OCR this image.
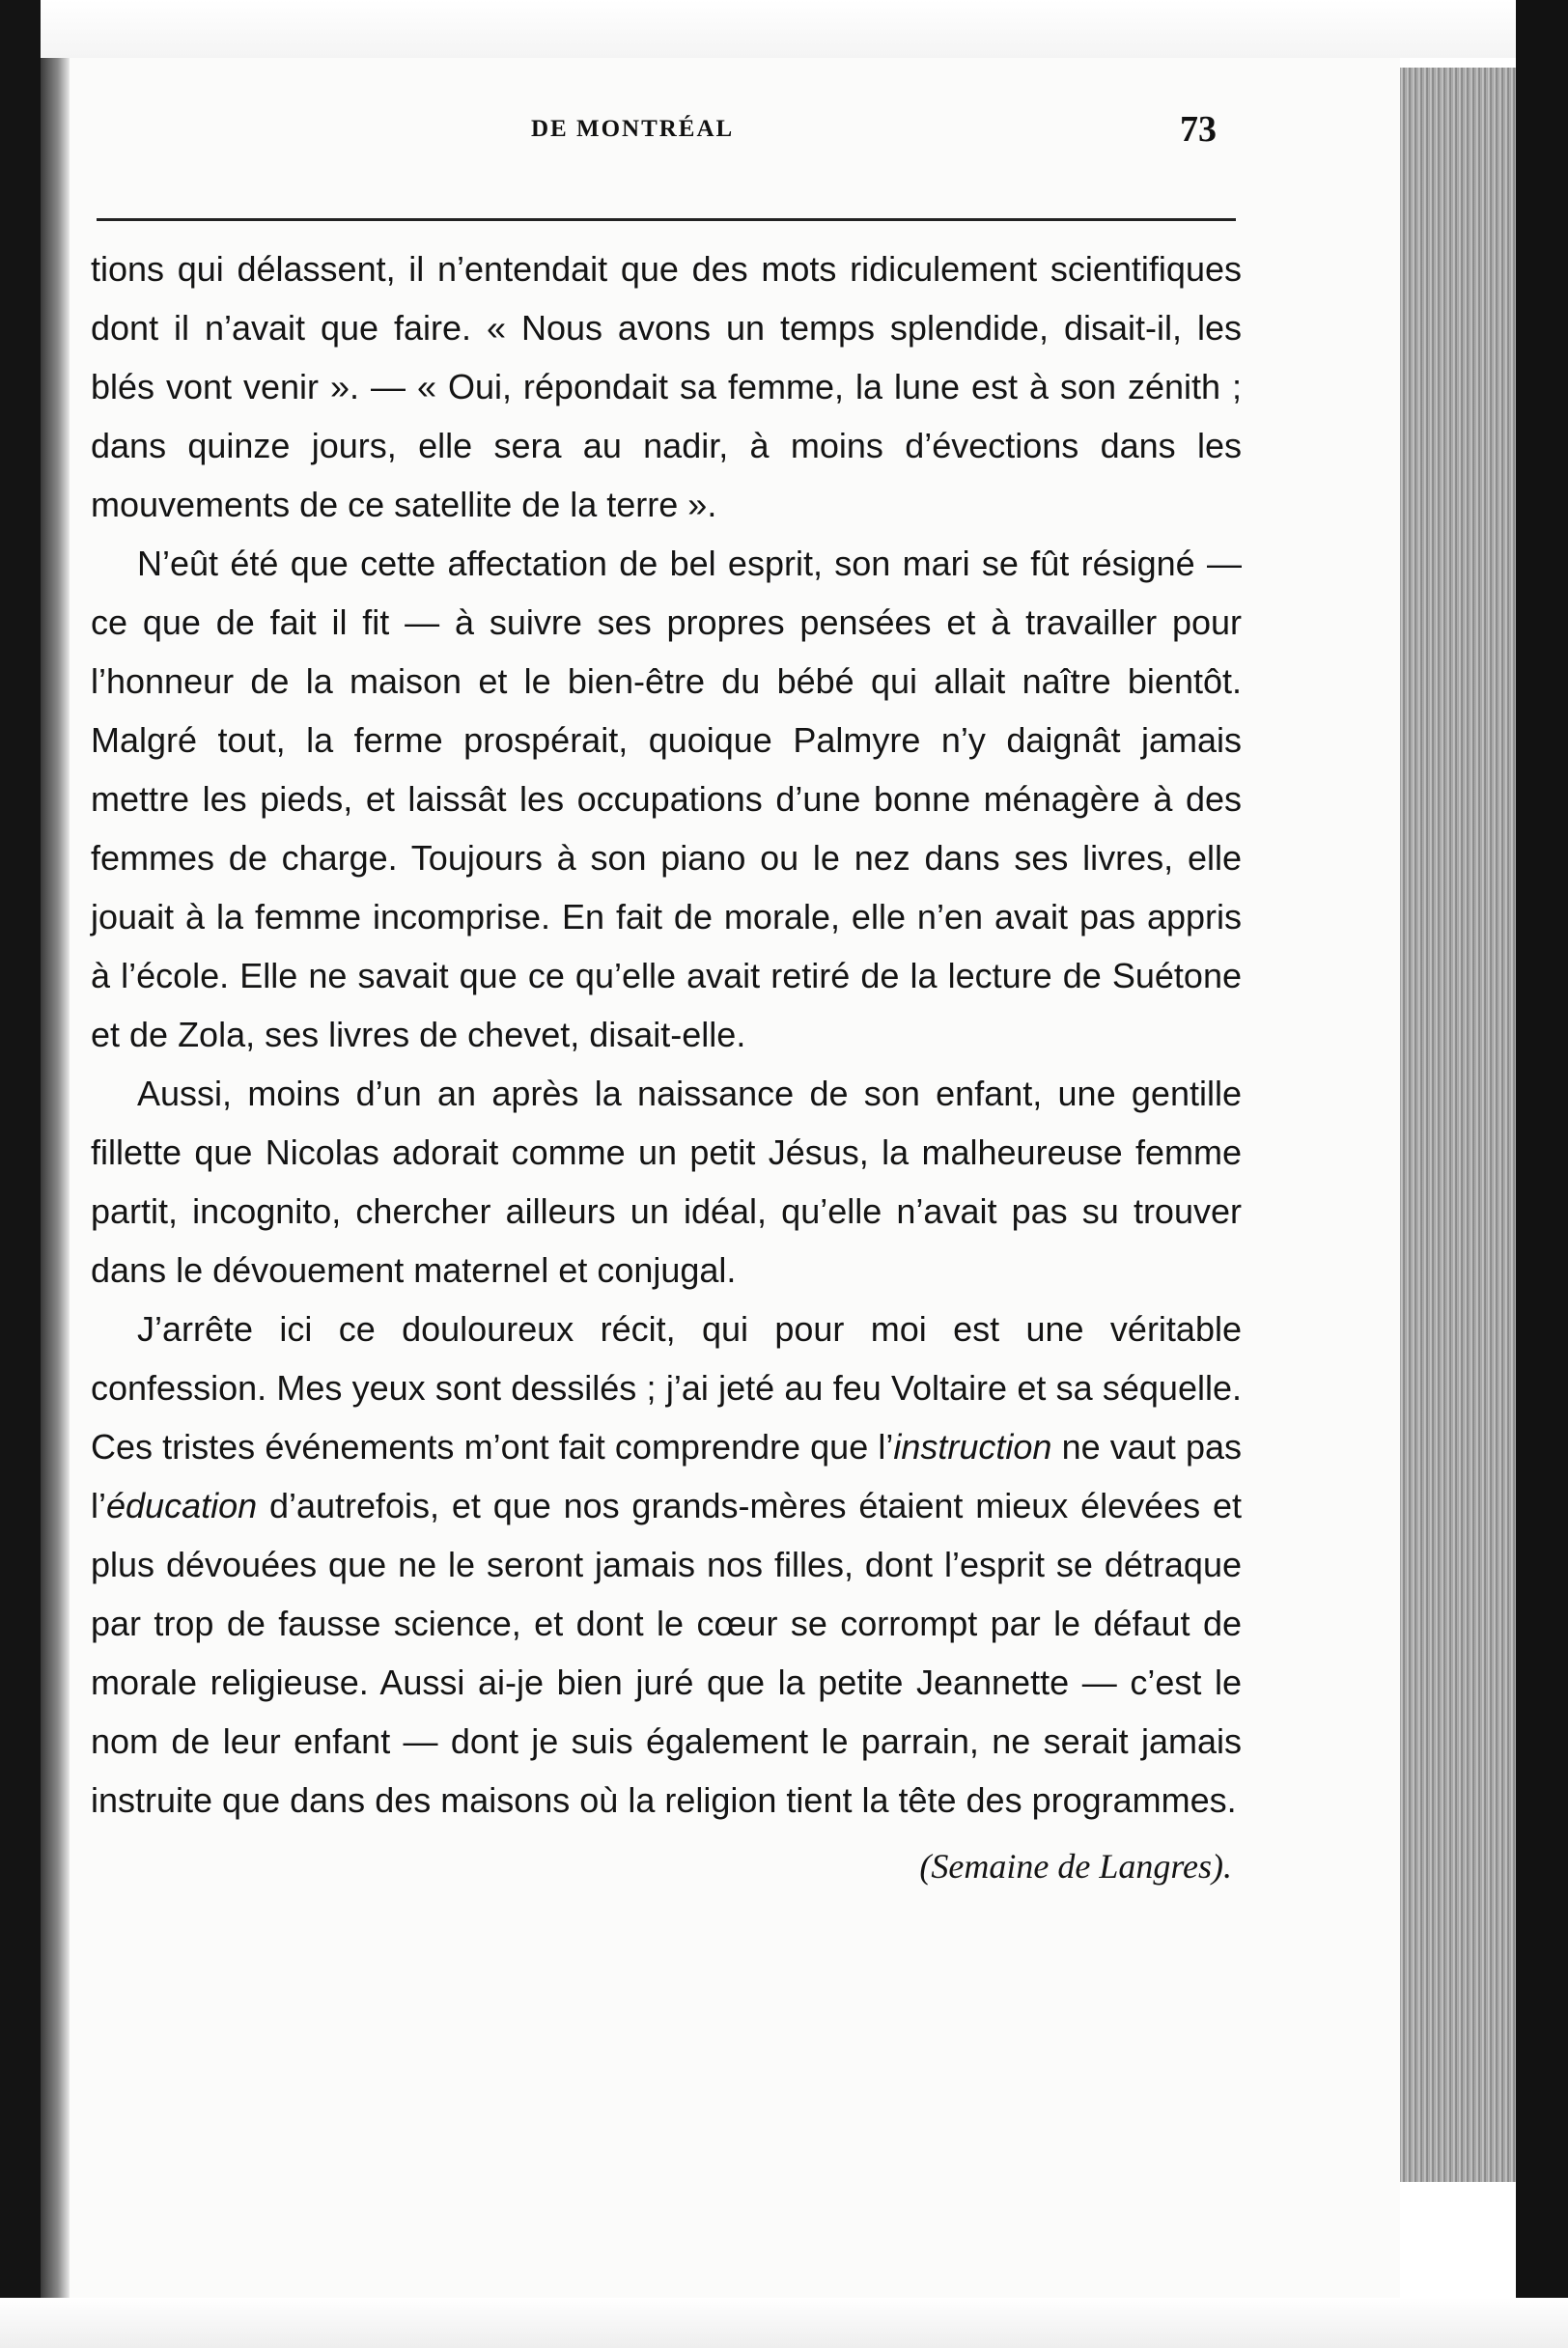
DE MONTRÉAL	73

tions qui délassent, il n’entendait que des mots ridiculement scientifiques dont il n’avait que faire. « Nous avons un temps splendide, disait-il, les blés vont venir ». — « Oui, répondait sa femme, la lune est à son zénith ; dans quinze jours, elle sera au nadir, à moins d’évections dans les mouvements de ce satellite de la terre ».

N’eût été que cette affectation de bel esprit, son mari se fût résigné — ce que de fait il fit — à suivre ses propres pensées et à travailler pour l’honneur de la maison et le bien-être du bébé qui allait naître bientôt. Malgré tout, la ferme prospérait, quoique Palmyre n’y daignât jamais mettre les pieds, et laissât les occupations d’une bonne ménagère à des femmes de charge. Toujours à son piano ou le nez dans ses livres, elle jouait à la femme incomprise. En fait de morale, elle n’en avait pas appris à l’école. Elle ne savait que ce qu’elle avait retiré de la lecture de Suétone et de Zola, ses livres de chevet, disait-elle.

Aussi, moins d’un an après la naissance de son enfant, une gentille fillette que Nicolas adorait comme un petit Jésus, la malheureuse femme partit, incognito, chercher ailleurs un idéal, qu’elle n’avait pas su trouver dans le dévouement maternel et conjugal.

J’arrête ici ce douloureux récit, qui pour moi est une véritable confession. Mes yeux sont dessilés ; j’ai jeté au feu Voltaire et sa séquelle. Ces tristes événements m’ont fait comprendre que l’instruction ne vaut pas l’éducation d’autrefois, et que nos grands-mères étaient mieux élevées et plus dévouées que ne le seront jamais nos filles, dont l’esprit se détraque par trop de fausse science, et dont le cœur se corrompt par le défaut de morale religieuse. Aussi ai-je bien juré que la petite Jeannette — c’est le nom de leur enfant — dont je suis également le parrain, ne serait jamais instruite que dans des maisons où la religion tient la tête des programmes.

(Semaine de Langres).
